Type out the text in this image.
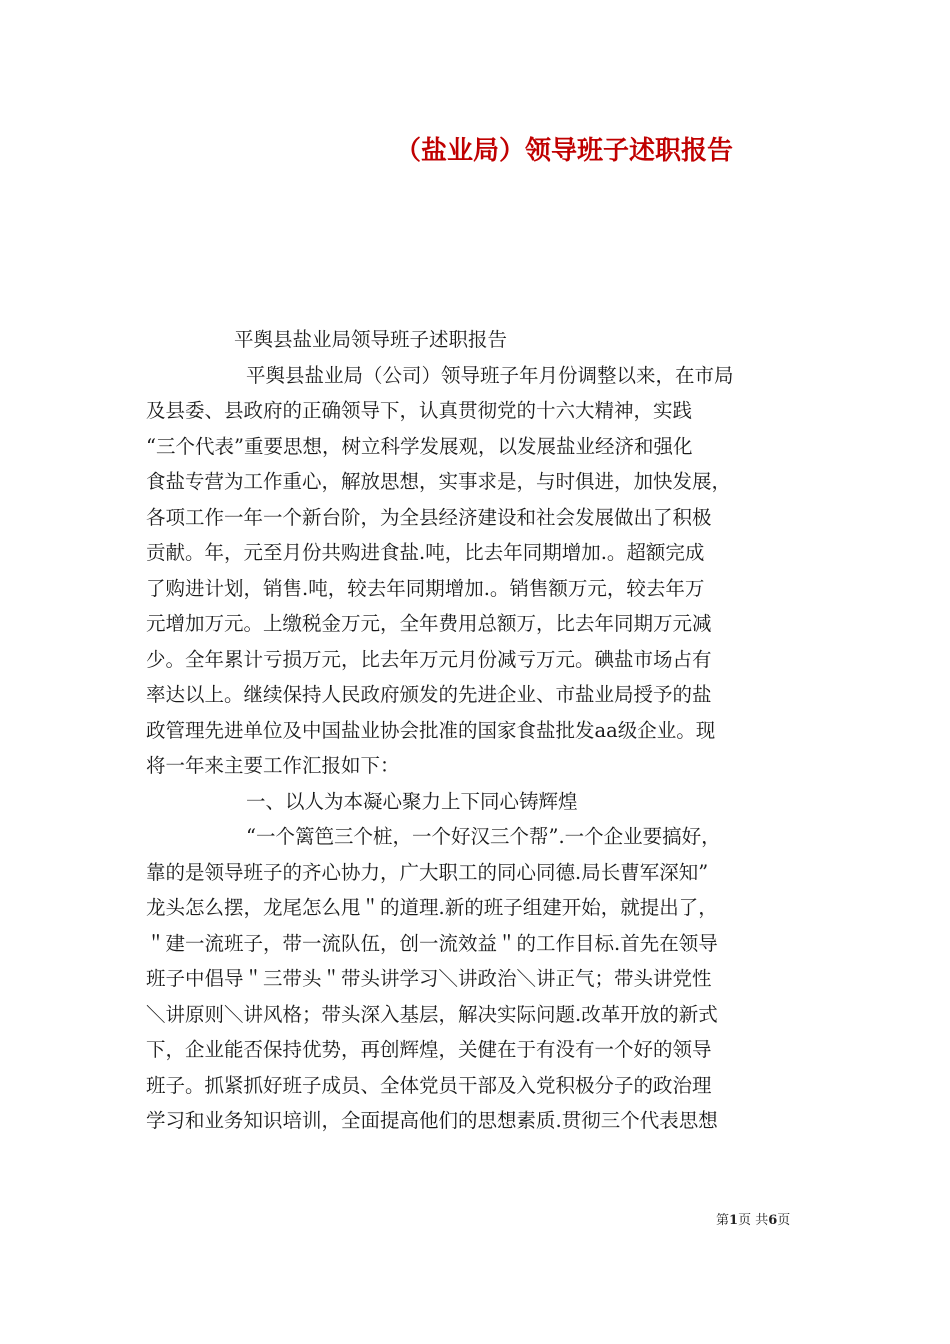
（盐业局）领导班子述职报告
平舆县盐业局领导班子述职报告
平舆县盐业局（公司）领导班子年月份调整以来，在市局
及县委、县政府的正确领导下，认真贯彻党的十六大精神，实践
“三个代表”重要思想，树立科学发展观，以发展盐业经济和强化
食盐专营为工作重心，解放思想，实事求是，与时俱进，加快发展，
各项工作一年一个新台阶，为全县经济建设和社会发展做出了积极
贡献。年，元至月份共购进食盐.吨，比去年同期增加.。超额完成
了购进计划，销售.吨，较去年同期增加.。销售额万元，较去年万
元增加万元。上缴税金万元，全年费用总额万，比去年同期万元减
少。全年累计亏损万元，比去年万元月份减亏万元。碘盐市场占有
率达以上。继续保持人民政府颁发的先进企业、市盐业局授予的盐
政管理先进单位及中国盐业协会批准的国家食盐批发aa级企业。现
将一年来主要工作汇报如下：
一、以人为本凝心聚力上下同心铸辉煌
“一个篱笆三个桩，一个好汉三个帮”.一个企业要搞好，
靠的是领导班子的齐心协力，广大职工的同心同德.局长曹军深知”
龙头怎么摆，龙尾怎么甩＂的道理.新的班子组建开始，就提出了，
＂建一流班子，带一流队伍，创一流效益＂的工作目标.首先在领导
班子中倡导＂三带头＂带头讲学习＼讲政治＼讲正气；带头讲党性
＼讲原则＼讲风格；带头深入基层，解决实际问题.改革开放的新式
下，企业能否保持优势，再创辉煌，关健在于有没有一个好的领导
班子。抓紧抓好班子成员、全体党员干部及入党积极分子的政治理
学习和业务知识培训，全面提高他们的思想素质.贯彻三个代表思想
第1页 共6页
